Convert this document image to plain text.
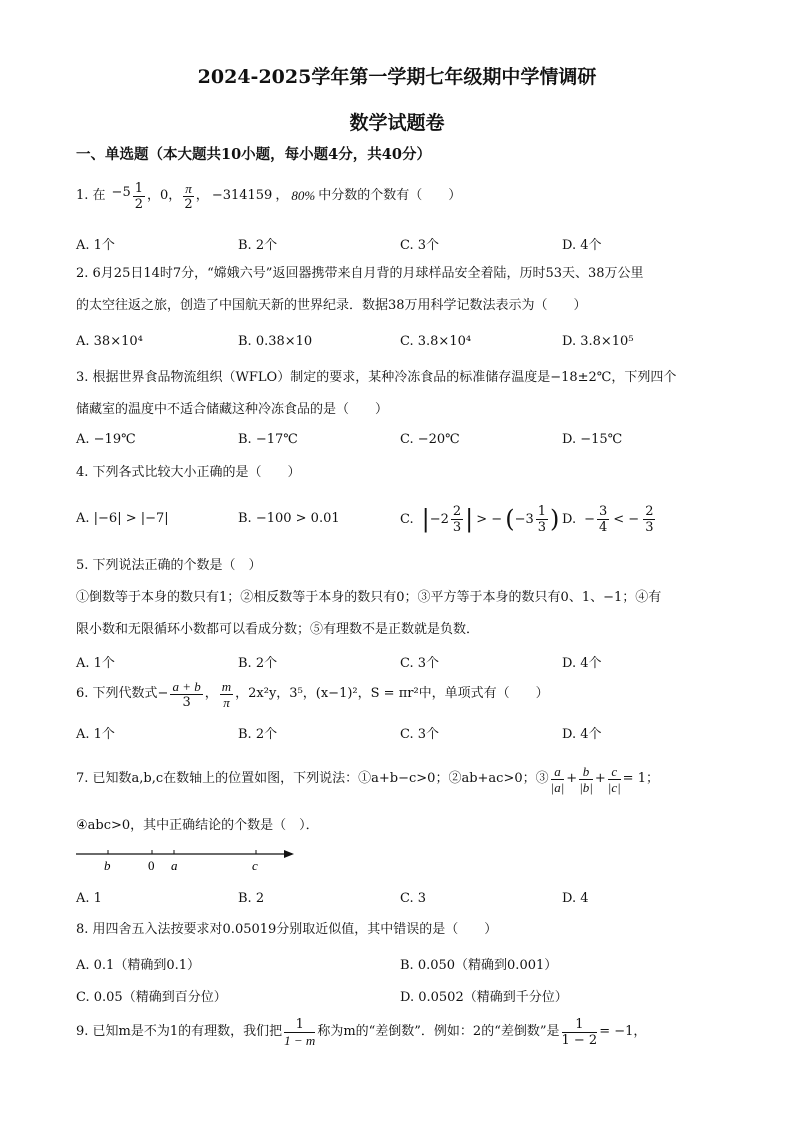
2024-2025学年第一学期七年级期中学情调研
数学试题卷
一、单选题（本大题共10小题，每小题4分，共40分）
1. 在 $-5 \frac{1}{2}$ ，0， $\frac{\pi}{2}$ ， −314159 ， 80% 中分数的个数有（　　）
A. 1个	B. 2个	C. 3个	D. 4个
2. 6月25日14时7分，“嫦娥六号”返回器携带来自月背的月球样品安全着陆，历时53天、38万公里
的太空往返之旅，创造了中国航天新的世界纪录．数据38万用科学记数法表示为（　　）
A. 38×10⁴	B. 0.38×10	C. 3.8×10⁴	D. 3.8×10⁵
3. 根据世界食品物流组织（WFLO）制定的要求，某种冷冻食品的标准储存温度是−18±2℃，下列四个
储藏室的温度中不适合储藏这种冷冻食品的是（　　）
A. −19℃	B. −17℃	C. −20℃	D. −15℃
4. 下列各式比较大小正确的是（　　）
A. |−6| > |−7|	B. −100 > 0.01	C. | $-2 \frac{2}{3}$ | > − ( $-3 \frac{1}{3}$ ) D. − $\frac{3}{4}$ < − $\frac{2}{3}$
5. 下列说法正确的个数是（　）
①倒数等于本身的数只有1；②相反数等于本身的数只有0；③平方等于本身的数只有0、1、−1；④有
限小数和无限循环小数都可以看成分数；⑤有理数不是正数就是负数．
A. 1个	B. 2个	C. 3个	D. 4个
6. 下列代数式 − $\frac{a + b}{3}$ ， $\frac{m}{\pi}$ ，2x²y，3⁵，(x−1)²，S = πr²中，单项式有（　　）
A. 1个	B. 2个	C. 3个	D. 4个
7. 已知数a,b,c在数轴上的位置如图，下列说法：①a+b−c>0；②ab+ac>0；③ $\frac{a}{|a|} + \frac{b}{|b|} + \frac{c}{|c|} = 1$；
④abc>0，其中正确结论的个数是（　）．
b	0 a	c
A. 1	B. 2	C. 3	D. 4
8. 用四舍五入法按要求对0.05019分别取近似值，其中错误的是（　　）
A. 0.1（精确到0.1）	B. 0.050（精确到0.001）
C. 0.05（精确到百分位）	D. 0.0502（精确到千分位）
9. 已知m是不为1的有理数，我们把 $\frac{1}{1 - m}$ 称为m的“差倒数”．例如：2的“差倒数”是 $\frac{1}{1 - 2} = -1$，
